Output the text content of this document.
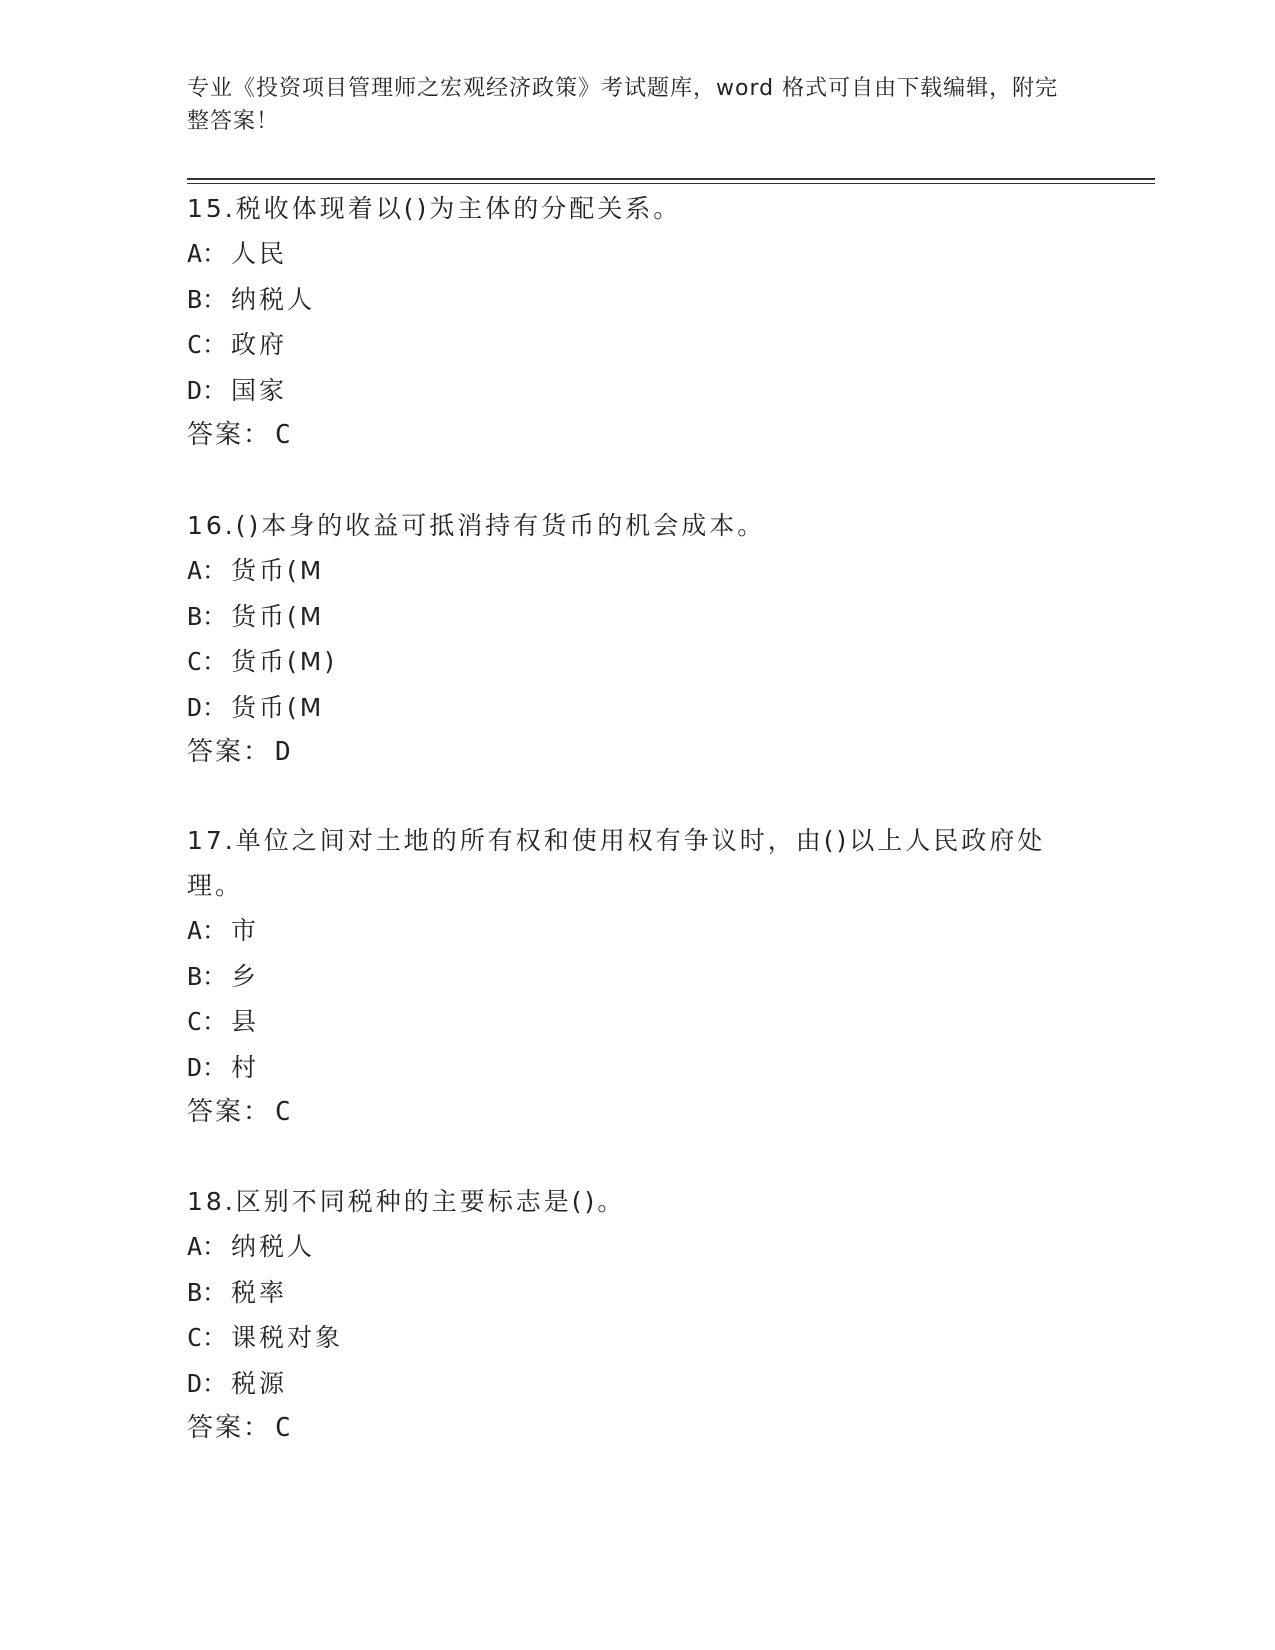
专业《投资项目管理师之宏观经济政策》考试题库，word 格式可自由下载编辑，附完整答案！
15.税收体现着以()为主体的分配关系。
A： 人民
B： 纳税人
C： 政府
D： 国家
答案： C
16.()本身的收益可抵消持有货币的机会成本。
A： 货币(M
B： 货币(M
C： 货币(M)
D： 货币(M
答案： D
17.单位之间对土地的所有权和使用权有争议时，由()以上人民政府处理。
A： 市
B： 乡
C： 县
D： 村
答案： C
18.区别不同税种的主要标志是()。
A： 纳税人
B： 税率
C： 课税对象
D： 税源
答案： C
